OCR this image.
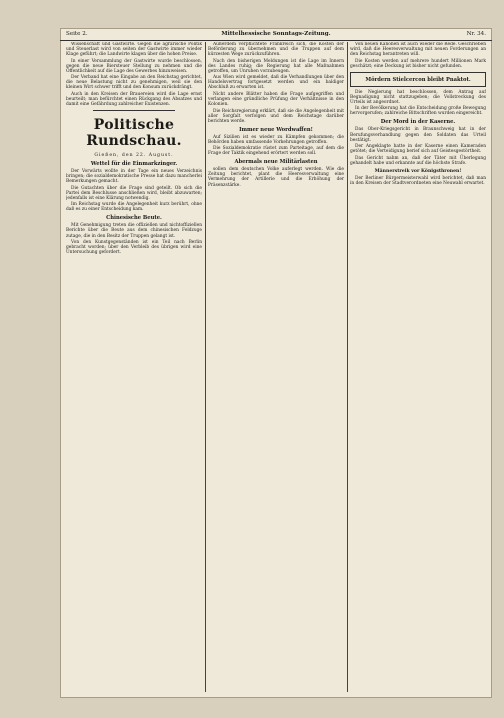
Seite 2.	Mittelhessische Sonntags-Zeitung.	Nr. 34.

Wissenschaft und Gastwirte. Gegen die agrarische Politik und Steuerlast wird von seiten der Gastwirte immer wieder Klage geführt; die Landwirte klagen über die hohen Preise.

In einer Versammlung der Gastwirte wurde beschlossen, gegen die neue Biersteuer Stellung zu nehmen und die Öffentlichkeit auf die Lage des Gewerbes hinzuweisen.

Der Verband hat eine Eingabe an den Reichstag gerichtet, die neue Belastung nicht zu genehmigen, weil sie den kleinen Wirt schwer trifft und den Konsum zurückdrängt.

Auch in den Kreisen der Brauereien wird die Lage ernst beurteilt; man befürchtet einen Rückgang des Absatzes und damit eine Gefährdung zahlreicher Existenzen.

Politische Rundschau.
Gießen, den 22. August.
Wettel für die Einmarkzinger.

Der Vorwärts wollte in der Tage ein neues Verzeichnis bringen; die sozialdemokratische Presse hat dazu mancherlei Bemerkungen gemacht.

Die Gutachten über die Frage sind geteilt. Ob sich die Partei dem Beschlusse anschließen wird, bleibt abzuwarten; jedenfalls ist eine Klärung notwendig.

Im Reichstag wurde die Angelegenheit kurz berührt, ohne daß es zu einer Entscheidung kam.

Chinesische Beute.

Mit Genehmigung treten die offiziellen und nichtoffiziellen Berichte über die Beute aus dem chinesischen Feldzuge zutage, die in den Besitz der Truppen gelangt ist.

Von den Kunstgegenständen ist ein Teil nach Berlin gebracht worden; über den Verbleib des übrigen wird eine Untersuchung gefordert.

Außerdem verpflichtete Frankreich sich, die Kosten der Beförderung zu übernehmen und die Truppen auf dem kürzesten Wege zurückzuführen.

Nach den bisherigen Meldungen ist die Lage im Innern des Landes ruhig; die Regierung hat alle Maßnahmen getroffen, um Unruhen vorzubeugen.

Aus Wien wird gemeldet, daß die Verhandlungen über den Handelsvertrag fortgesetzt werden und ein baldiger Abschluß zu erwarten ist.

Nicht andere Blätter haben die Frage aufgegriffen und verlangen eine gründliche Prüfung der Verhältnisse in den Kolonien.

Die Reichsregierung erklärt, daß sie die Angelegenheit mit aller Sorgfalt verfolgen und dem Reichstage darüber berichten werde.

Immer neue Wordwaffen!

Auf Sizilien ist es wieder zu Kämpfen gekommen; die Behörden haben umfassende Vorkehrungen getroffen.

Die Sozialdemokratie rüstet zum Parteitage, auf dem die Frage der Taktik eingehend erörtert werden soll.

Abermals neue Militärlasten

sollen dem deutschen Volke auferlegt werden. Wie die Zeitung berichtet, plant die Heeresverwaltung eine Vermehrung der Artillerie und die Erhöhung der Präsenzstärke.

Von neuen Kanonen ist auch wieder die Rede. Geschrieben wird, daß die Heeresverwaltung mit neuen Forderungen an den Reichstag herantreten will.

Die Kosten werden auf mehrere hundert Millionen Mark geschätzt; eine Deckung ist bisher nicht gefunden.

Mördern Stielcercon bleibt Pnaktot.

Die Negierung hat beschlossen, dem Antrag auf Begnadigung nicht stattzugeben; die Vollstreckung des Urteils ist angeordnet.

In der Bevölkerung hat die Entscheidung große Bewegung hervorgerufen; zahlreiche Bittschriften wurden eingereicht.

Der Mord in der Kaserne.

Das Ober-Kriegsgericht in Braunschweig hat in der Berufungsverhandlung gegen den Soldaten das Urteil bestätigt.

Der Angeklagte hatte in der Kaserne einen Kameraden getötet; die Verteidigung berief sich auf Geistesgestörtheit.

Das Gericht nahm an, daß der Täter mit Überlegung gehandelt habe und erkannte auf die höchste Strafe.

Männerstreik vor Königsthronen!

Der Berliner Bürgermeisterwahl wird berichtet, daß man in den Kreisen der Stadtverordneten eine Neuwahl erwartet.
